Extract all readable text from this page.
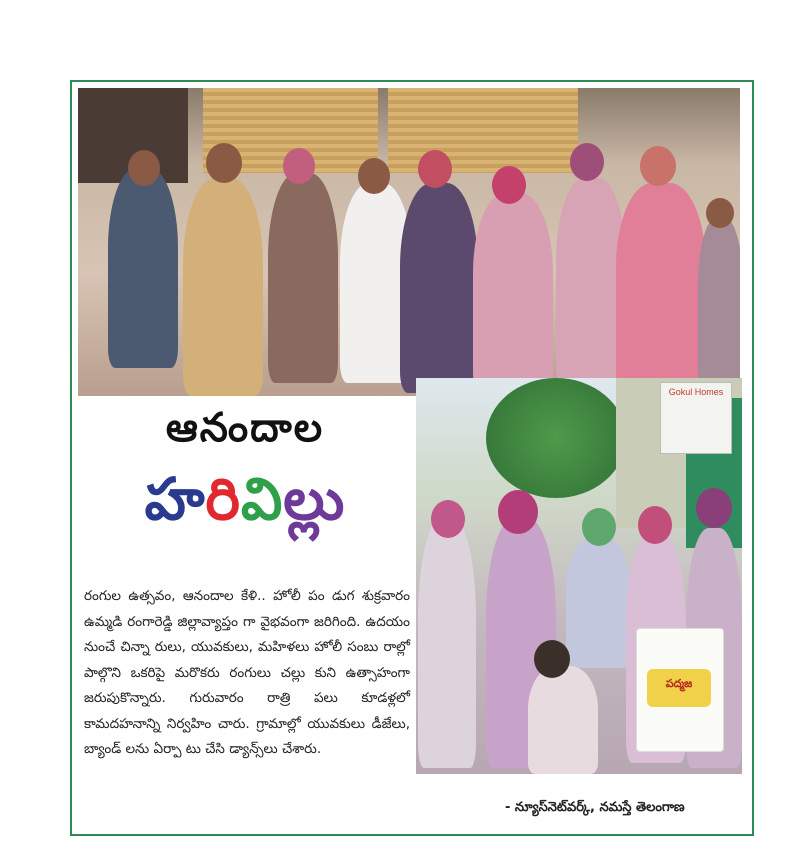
Gokul Homes
పద్మజ
ఆనందాల
హరివిల్లు
రంగుల ఉత్సవం, ఆనందాల కేళి.. హోలీ పం డుగ శుక్రవారం ఉమ్మడి రంగారెడ్డి జిల్లావ్యాప్తం గా వైభవంగా జరిగింది. ఉదయం నుంచే చిన్నా రులు, యువకులు, మహిళలు హోలీ సంబు రాల్లో పాల్గొని ఒకరిపై మరొకరు రంగులు చల్లు కుని ఉత్సాహంగా జరుపుకొన్నారు. గురువారం రాత్రి పలు కూడళ్లలో కామదహనాన్ని నిర్వహిం చారు. గ్రామాల్లో యువకులు డీజేలు, బ్యాండ్ లను ఏర్పా టు చేసి డ్యాన్స్‌లు చేశారు.
- న్యూస్‌నెట్‌వర్క్, నమస్తే తెలంగాణ
